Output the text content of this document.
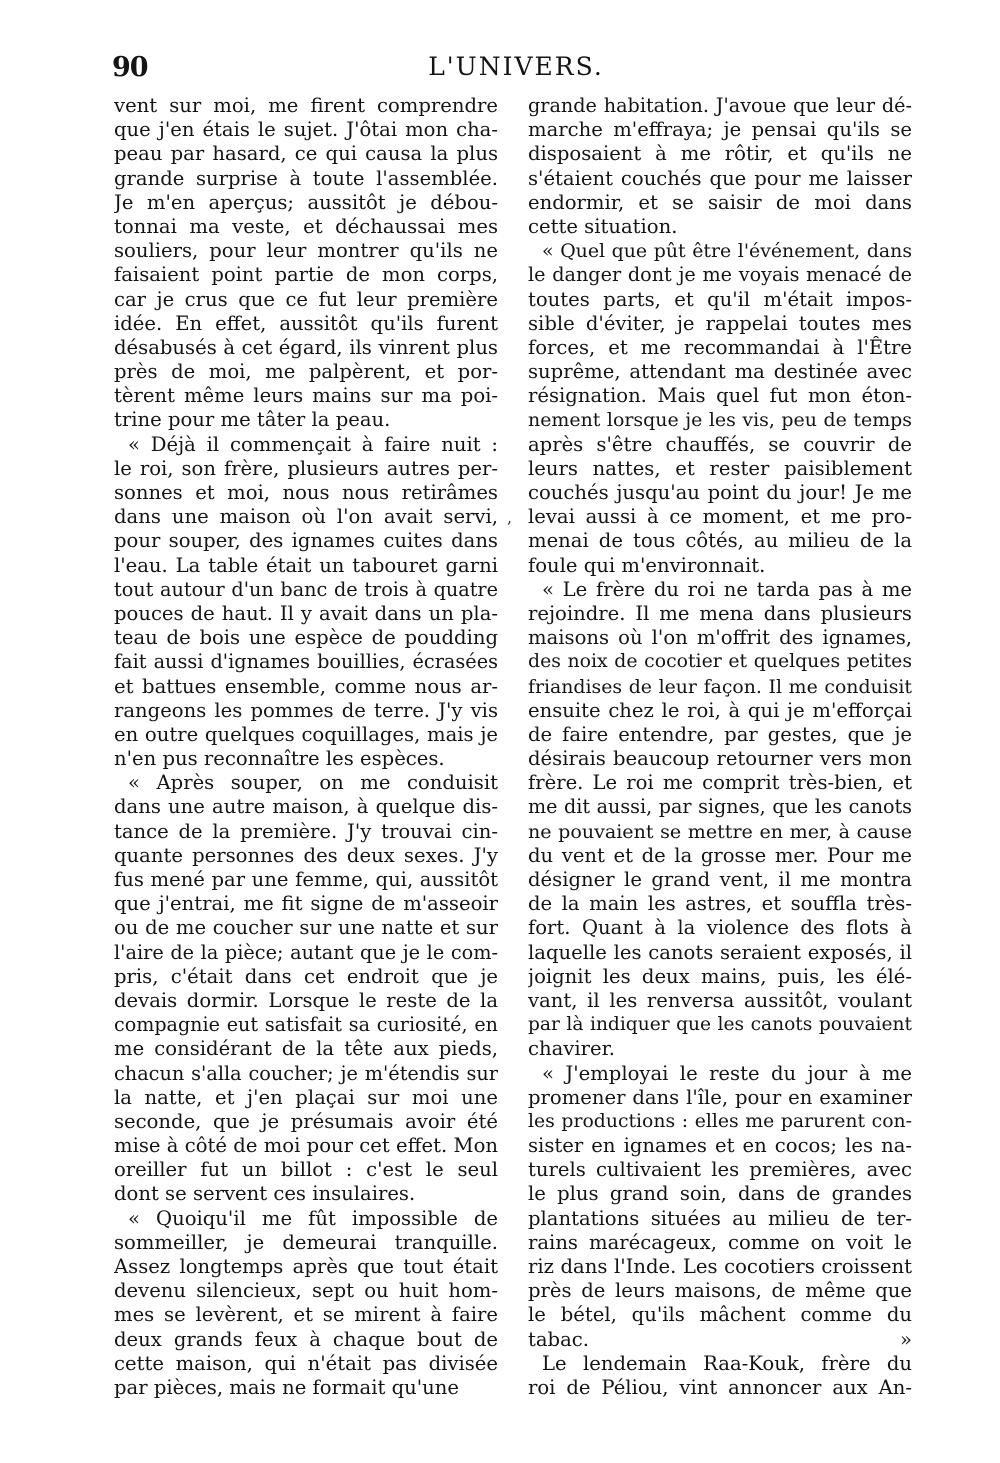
90	L'UNIVERS.
,
vent sur moi, me firent comprendre
que j'en étais le sujet. J'ôtai mon cha-
peau par hasard, ce qui causa la plus
grande surprise à toute l'assemblée.
Je m'en aperçus; aussitôt je débou-
tonnai ma veste, et déchaussai mes
souliers, pour leur montrer qu'ils ne
faisaient point partie de mon corps,
car je crus que ce fut leur première
idée. En effet, aussitôt qu'ils furent
désabusés à cet égard, ils vinrent plus
près de moi, me palpèrent, et por-
tèrent même leurs mains sur ma poi-
trine pour me tâter la peau.
« Déjà il commençait à faire nuit :
le roi, son frère, plusieurs autres per-
sonnes et moi, nous nous retirâmes
dans une maison où l'on avait servi,
pour souper, des ignames cuites dans
l'eau. La table était un tabouret garni
tout autour d'un banc de trois à quatre
pouces de haut. Il y avait dans un pla-
teau de bois une espèce de poudding
fait aussi d'ignames bouillies, écrasées
et battues ensemble, comme nous ar-
rangeons les pommes de terre. J'y vis
en outre quelques coquillages, mais je
n'en pus reconnaître les espèces.
« Après souper, on me conduisit
dans une autre maison, à quelque dis-
tance de la première. J'y trouvai cin-
quante personnes des deux sexes. J'y
fus mené par une femme, qui, aussitôt
que j'entrai, me fit signe de m'asseoir
ou de me coucher sur une natte et sur
l'aire de la pièce; autant que je le com-
pris, c'était dans cet endroit que je
devais dormir. Lorsque le reste de la
compagnie eut satisfait sa curiosité, en
me considérant de la tête aux pieds,
chacun s'alla coucher; je m'étendis sur
la natte, et j'en plaçai sur moi une
seconde, que je présumais avoir été
mise à côté de moi pour cet effet. Mon
oreiller fut un billot : c'est le seul
dont se servent ces insulaires.
« Quoiqu'il me fût impossible de
sommeiller, je demeurai tranquille.
Assez longtemps après que tout était
devenu silencieux, sept ou huit hom-
mes se levèrent, et se mirent à faire
deux grands feux à chaque bout de
cette maison, qui n'était pas divisée
par pièces, mais ne formait qu'une
grande habitation. J'avoue que leur dé-
marche m'effraya; je pensai qu'ils se
disposaient à me rôtir, et qu'ils ne
s'étaient couchés que pour me laisser
endormir, et se saisir de moi dans
cette situation.
« Quel que pût être l'événement, dans
le danger dont je me voyais menacé de
toutes parts, et qu'il m'était impos-
sible d'éviter, je rappelai toutes mes
forces, et me recommandai à l'Être
suprême, attendant ma destinée avec
résignation. Mais quel fut mon éton-
nement lorsque je les vis, peu de temps
après s'être chauffés, se couvrir de
leurs nattes, et rester paisiblement
couchés jusqu'au point du jour! Je me
levai aussi à ce moment, et me pro-
menai de tous côtés, au milieu de la
foule qui m'environnait.
« Le frère du roi ne tarda pas à me
rejoindre. Il me mena dans plusieurs
maisons où l'on m'offrit des ignames,
des noix de cocotier et quelques petites
friandises de leur façon. Il me conduisit
ensuite chez le roi, à qui je m'efforçai
de faire entendre, par gestes, que je
désirais beaucoup retourner vers mon
frère. Le roi me comprit très-bien, et
me dit aussi, par signes, que les canots
ne pouvaient se mettre en mer, à cause
du vent et de la grosse mer. Pour me
désigner le grand vent, il me montra
de la main les astres, et souffla très-
fort. Quant à la violence des flots à
laquelle les canots seraient exposés, il
joignit les deux mains, puis, les élé-
vant, il les renversa aussitôt, voulant
par là indiquer que les canots pouvaient
chavirer.
« J'employai le reste du jour à me
promener dans l'île, pour en examiner
les productions : elles me parurent con-
sister en ignames et en cocos; les na-
turels cultivaient les premières, avec
le plus grand soin, dans de grandes
plantations situées au milieu de ter-
rains marécageux, comme on voit le
riz dans l'Inde. Les cocotiers croissent
près de leurs maisons, de même que
le bétel, qu'ils mâchent comme du
tabac. »
Le lendemain Raa-Kouk, frère du
roi de Péliou, vint annoncer aux An-
